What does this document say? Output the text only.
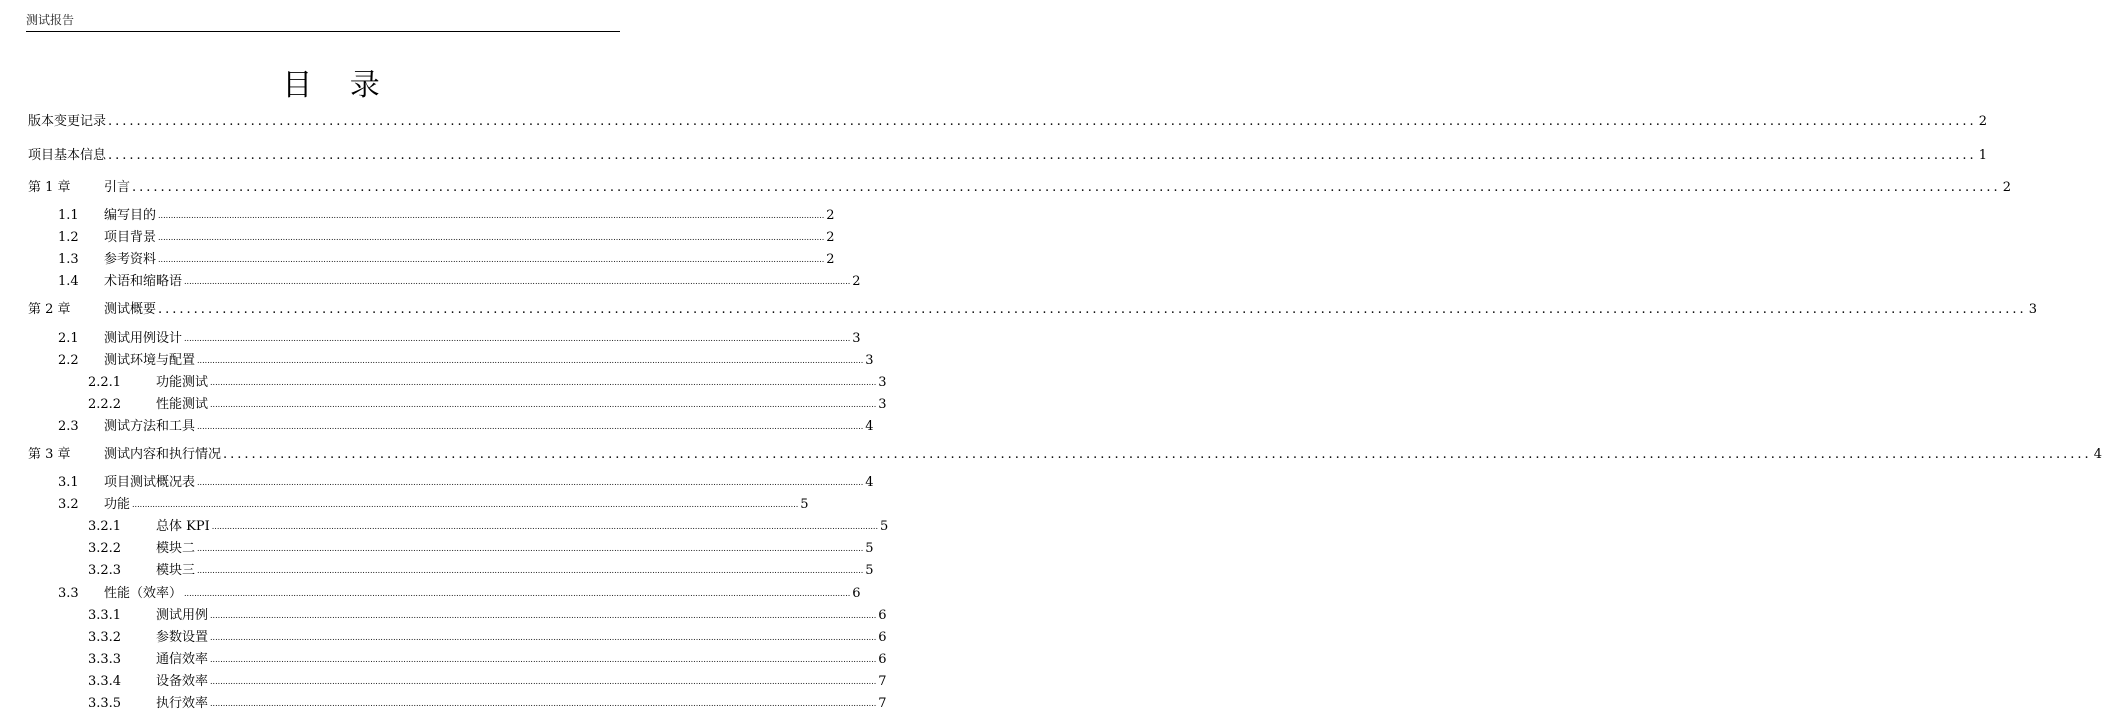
测试报告
目 录
版本变更记录 ...................................................................................................................................................................................................................................................................... 2
项目基本信息 ...................................................................................................................................................................................................................................................................... 1
第 1 章	引言 ...................................................................................................................................................................................................................................................................... 2
1.1	编写目的 ...................................................................................................................................................................................................................................................................... 2
1.2	项目背景 ...................................................................................................................................................................................................................................................................... 2
1.3	参考资料 ...................................................................................................................................................................................................................................................................... 2
1.4	术语和缩略语 ...................................................................................................................................................................................................................................................................... 2
第 2 章	测试概要 ...................................................................................................................................................................................................................................................................... 3
2.1	测试用例设计 ...................................................................................................................................................................................................................................................................... 3
2.2	测试环境与配置 ...................................................................................................................................................................................................................................................................... 3
2.2.1	功能测试 ...................................................................................................................................................................................................................................................................... 3
2.2.2	性能测试 ...................................................................................................................................................................................................................................................................... 3
2.3	测试方法和工具 ...................................................................................................................................................................................................................................................................... 4
第 3 章	测试内容和执行情况 ...................................................................................................................................................................................................................................................................... 4
3.1	项目测试概况表 ...................................................................................................................................................................................................................................................................... 4
3.2	功能 ...................................................................................................................................................................................................................................................................... 5
3.2.1	总体 KPI ...................................................................................................................................................................................................................................................................... 5
3.2.2	模块二 ...................................................................................................................................................................................................................................................................... 5
3.2.3	模块三 ...................................................................................................................................................................................................................................................................... 5
3.3	性能（效率） ...................................................................................................................................................................................................................................................................... 6
3.3.1	测试用例 ...................................................................................................................................................................................................................................................................... 6
3.3.2	参数设置 ...................................................................................................................................................................................................................................................................... 6
3.3.3	通信效率 ...................................................................................................................................................................................................................................................................... 6
3.3.4	设备效率 ...................................................................................................................................................................................................................................................................... 7
3.3.5	执行效率 ...................................................................................................................................................................................................................................................................... 7
